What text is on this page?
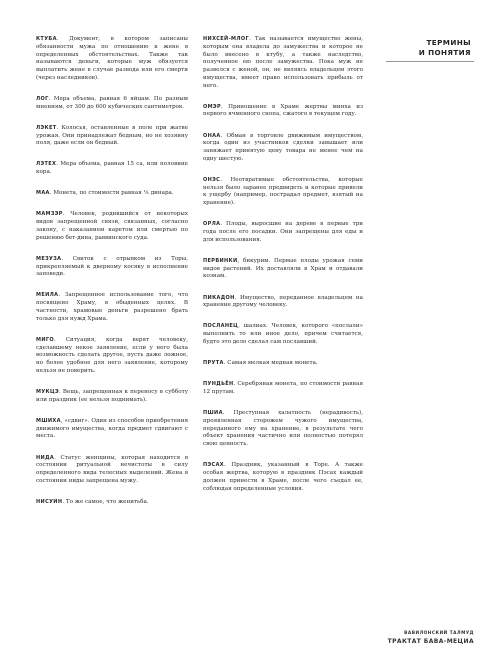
КТУБА. Документ, в котором записаны обязанности мужа по отношению к жене в определенных обстоятельствах. Также так называются деньги, которые муж обязуется выплатить жене в случае развода или его смерти (через наследников).

ЛОГ. Мера объема, равная 6 яйцам. По разным мнениям, от 300 до 600 кубических сантиметров.

ЛЭКЕТ. Колосья, оставленные в поле при жатве урожая. Они принадлежат бедным, но не хозяину поля, даже если он бедный.

ЛЭТЕХ. Мера объема, равная 15 са, или половине кора.

МАА. Монета, по стоимости равная ⅙ динара.

МАМЗЭР. Человек, родившийся от некоторых видов запрещенной связи, связанных, согласно закону, с наказанием каретом или смертью по решению бет-дина, раввинского суда.

МЕЗУЗА. Свиток с отрывком из Торы, прикрепляемый к дверному косяку в исполнение заповеди.

МЕИЛА. Запрещенное использование того, что посвящено Храму, в обыденных целях. В частности, храмовые деньги разрешено брать только для нужд Храма.

МИГО. Ситуация, когда верят человеку, сделавшему некое заявление, если у него была возможность сделать другое, пусть даже ложное, но более удобное для него заявление, которому нельзя не поверить.

МУКЦЭ. Вещь, запрещенная к переносу в субботу или праздник (ее нельзя поднимать).

МШИХА, «сдвиг». Один из способов приобретения движимого имущества, когда предмет сдвигают с места.

НИДА. Статус женщины, которая находится в состоянии ритуальной нечистоты в силу определенного вида телесных выделений. Жена в состоянии ниды запрещена мужу.

НИСУИН. То же самое, что женитьба.

НИХСЕЙ-МЛОГ. Так называется имущество жены, которым она владела до замужества и которое не было внесено в ктубу, а также наследство, полученное ею после замужества. Пока муж не развелся с женой, он, не являясь владельцем этого имущества, имеет право использовать прибыль от него.

ОМЭР. Приношение в Храме жертвы минха из первого ячменного снопа, сжатого в текущем году.

ОНАА. Обман в торговле движимым имуществом, когда один из участников сделки завышает или занижает принятую цену товара не менее чем на одну шестую.

ОНЭС. Неотвратимые обстоятельства, которые нельзя было заранее предвидеть и которые привели к ущербу (например, пострадал предмет, взятый на хранение).

ОРЛА. Плоды, выросшие на дереве в первые три года после его посадки. Они запрещены для еды и для использования.

ПЕРВИНКИ, бикурим. Первые плоды урожая семи видов растений. Их доставляли в Храм и отдавали коэнам.

ПИКАДОН. Имущество, переданное владельцем на хранение другому человеку.

ПОСЛАНЕЦ, шалиах. Человек, которого «послали» выполнить то или иное дело, причем считается, будто это дело сделал сам пославший.

ПРУТА. Самая мелкая медная монета.

ПУНДЬЁН. Серебряная монета, по стоимости равная 12 прутам.

ПШИА. Преступная халатность (нерадивость), проявленная сторожем чужого имущества, переданного ему на хранение, в результате чего объект хранения частично или полностью потерял свою ценность.

ПЭСАХ. Праздник, указанный в Торе. А также особая жертва, которую в праздник Пэсах каждый должен принести в Храме, после чего съедал ее, соблюдая определенные условия.

ТЕРМИНЫ
И ПОНЯТИЯ
ВАВИЛОНСКИЙ ТАЛМУД
ТРАКТАТ БАВА-МЕЦИА
